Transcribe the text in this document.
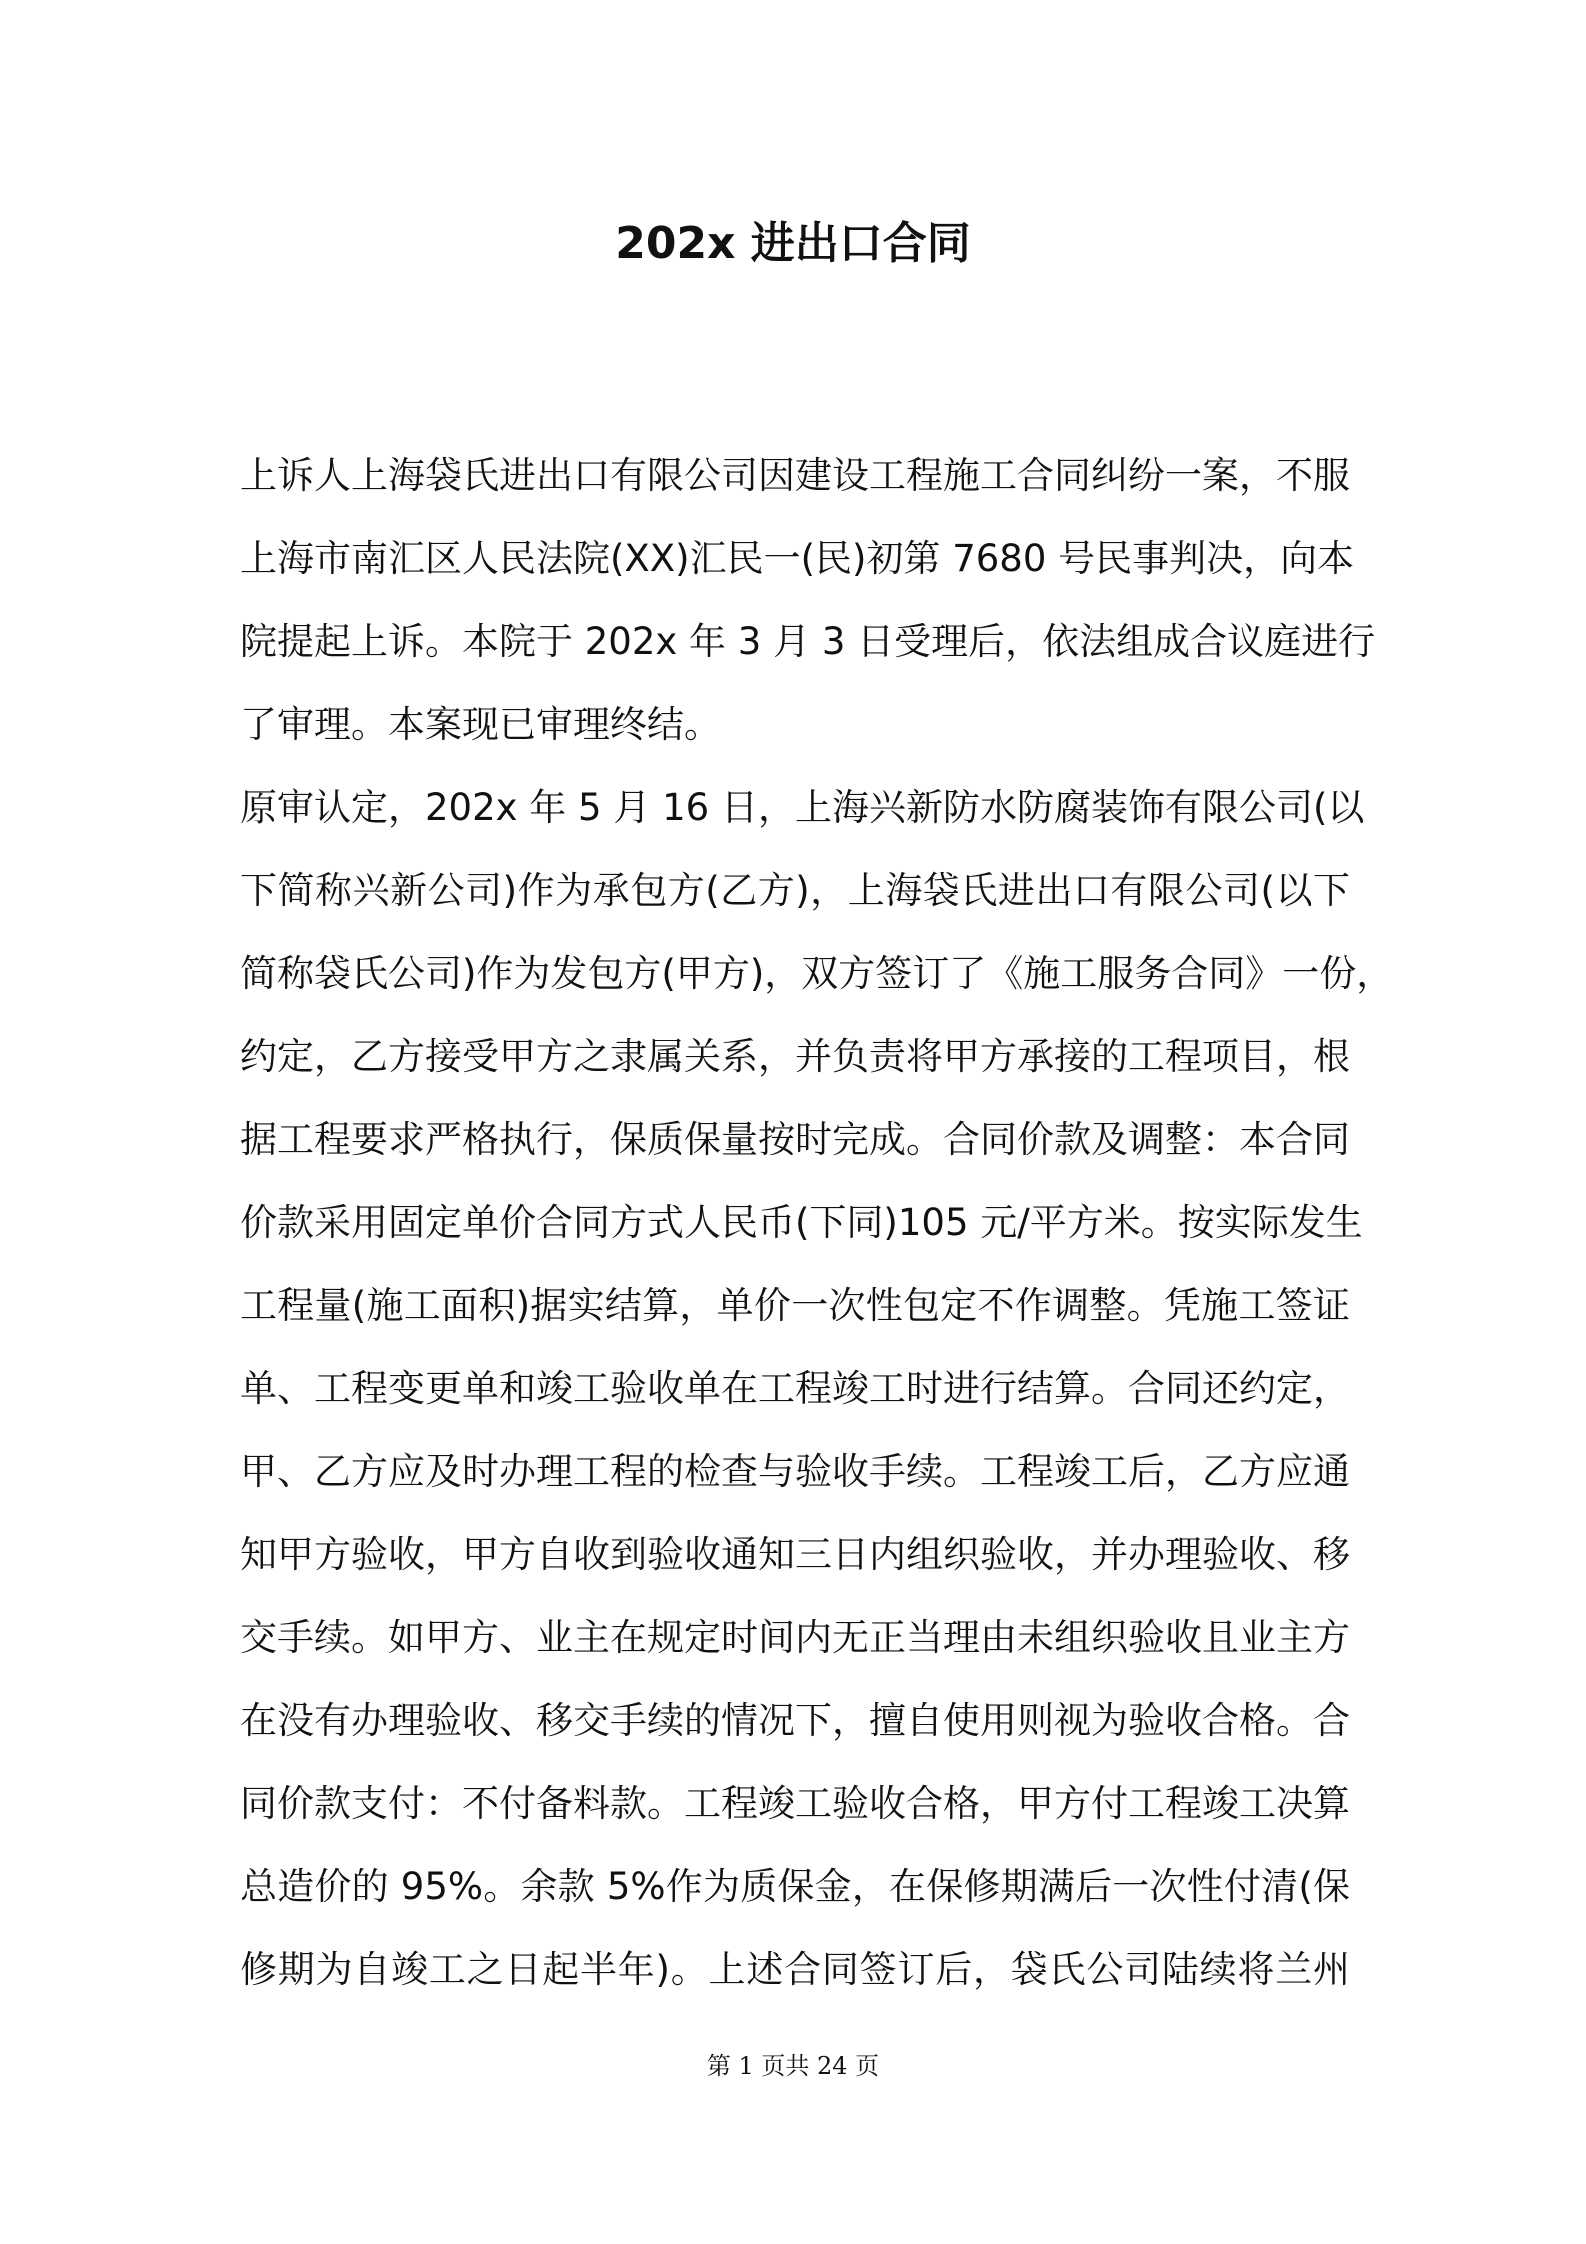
202x 进出口合同
上诉人上海袋氏进出口有限公司因建设工程施工合同纠纷一案，不服
上海市南汇区人民法院(XX)汇民一(民)初第 7680 号民事判决，向本
院提起上诉。本院于 202x 年 3 月 3 日受理后，依法组成合议庭进行
了审理。本案现已审理终结。
原审认定，202x 年 5 月 16 日，上海兴新防水防腐装饰有限公司(以
下简称兴新公司)作为承包方(乙方)，上海袋氏进出口有限公司(以下
简称袋氏公司)作为发包方(甲方)，双方签订了《施工服务合同》一份，
约定，乙方接受甲方之隶属关系，并负责将甲方承接的工程项目，根
据工程要求严格执行，保质保量按时完成。合同价款及调整：本合同
价款采用固定单价合同方式人民币(下同)105 元/平方米。按实际发生
工程量(施工面积)据实结算，单价一次性包定不作调整。凭施工签证
单、工程变更单和竣工验收单在工程竣工时进行结算。合同还约定，
甲、乙方应及时办理工程的检查与验收手续。工程竣工后，乙方应通
知甲方验收，甲方自收到验收通知三日内组织验收，并办理验收、移
交手续。如甲方、业主在规定时间内无正当理由未组织验收且业主方
在没有办理验收、移交手续的情况下，擅自使用则视为验收合格。合
同价款支付：不付备料款。工程竣工验收合格，甲方付工程竣工决算
总造价的 95%。余款 5%作为质保金，在保修期满后一次性付清(保
修期为自竣工之日起半年)。上述合同签订后，袋氏公司陆续将兰州
第 1 页共 24 页
